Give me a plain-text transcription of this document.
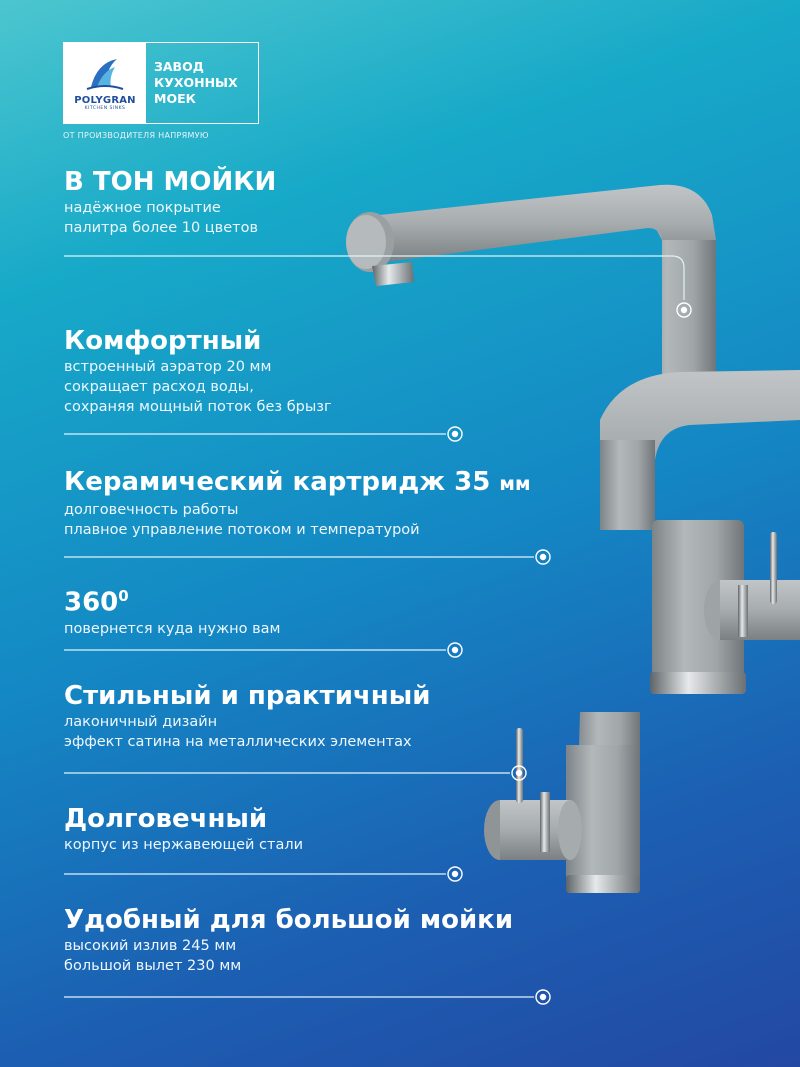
POLYGRAN
KITCHEN SINKS
ЗАВОД
КУХОННЫХ
МОЕК
ОТ ПРОИЗВОДИТЕЛЯ НАПРЯМУЮ
В ТОН МОЙКИ
надёжное покрытие
палитра более 10 цветов
Комфортный
встроенный аэратор 20 мм
сокращает расход воды,
сохраняя мощный поток без брызг
Керамический картридж 35 мм
долговечность работы
плавное управление потоком и температурой
$360^0$
повернется куда нужно вам
Стильный и практичный
лаконичный дизайн
эффект сатина на металлических элементах
Долговечный
корпус из нержавеющей стали
Удобный для большой мойки
высокий излив 245 мм
большой вылет 230 мм
